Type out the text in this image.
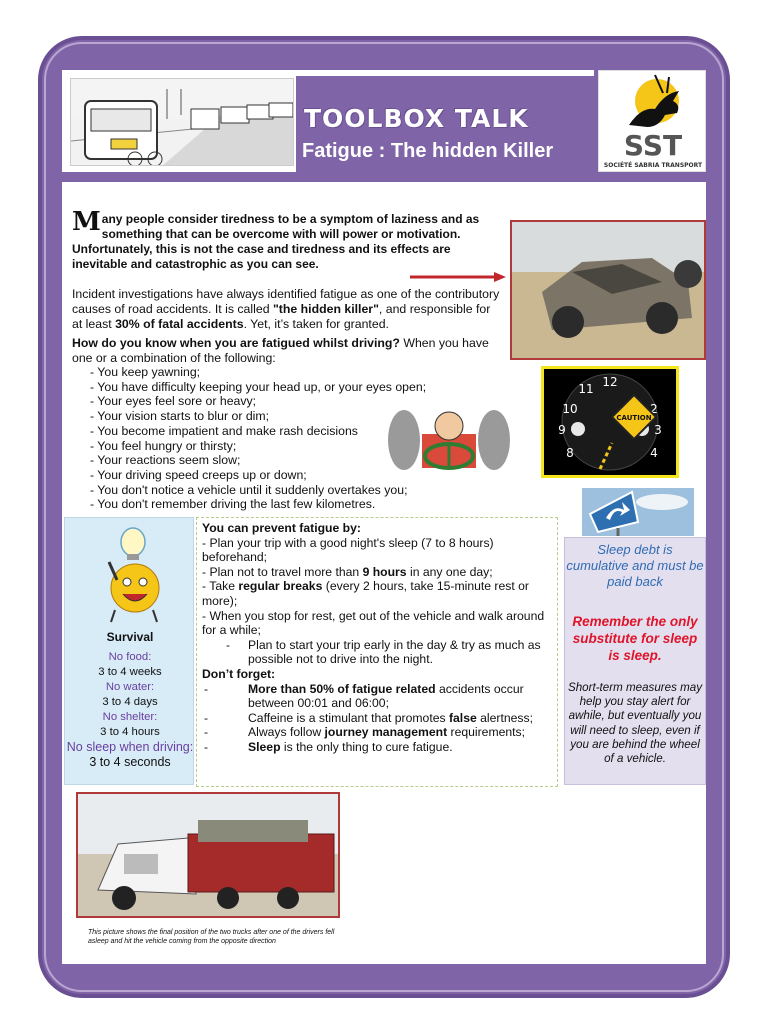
TOOLBOX TALK
Fatigue : The hidden Killer	SST
SOCIÉTÉ SABRIA TRANSPORT
Many people consider tiredness to be a symptom of laziness and as something that can be overcome with will power or motivation. Unfortunately, this is not the case and tiredness and its effects are inevitable and catastrophic as you can see.
Incident investigations have always identified fatigue as one of the contributory causes of road accidents. It is called "the hidden killer", and responsible for at least 30% of fatal accidents. Yet, it’s taken for granted.
How do you know when you are fatigued whilst driving? When you have one or a combination of the following:
- You keep yawning;
- You have difficulty keeping your head up, or your eyes open;
- Your eyes feel sore or heavy;
- Your vision starts to blur or dim;
- You become impatient and make rash decisions
- You feel hungry or thirsty;
- Your reactions seem slow;
- Your driving speed creeps up or down;
- You don't notice a vehicle until it suddenly overtakes you;
- You don't remember driving the last few kilometres.
12
11
10
9
8
2
3
4
CAUTION
Survival
No food:
3 to 4 weeks
No water:
3 to 4 days
No shelter:
3 to 4 hours
No sleep when driving:
3 to 4 seconds
You can prevent fatigue by:
- Plan your trip with a good night's sleep (7 to 8 hours) beforehand;
- Plan not to travel more than 9 hours in any one day;
- Take regular breaks (every 2 hours, take 15-minute rest or more);
- When you stop for rest, get out of the vehicle and walk around for a while;
- Plan to start your trip early in the day & try as much as possible not to drive into the night.
Don’t forget:
-	More than 50% of fatigue related accidents occur between 00:01 and 06:00;
-	Caffeine is a stimulant that promotes false alertness;
-	Always follow journey management requirements;
-	Sleep is the only thing to cure fatigue.
Sleep debt is cumulative and must be paid back
Remember the only substitute for sleep is sleep.
Short-term measures may help you stay alert for awhile, but eventually you will need to sleep, even if you are behind the wheel of a vehicle.
This picture shows the final position of the two trucks after one of the drivers fell asleep and hit the vehicle coming from the opposite direction
